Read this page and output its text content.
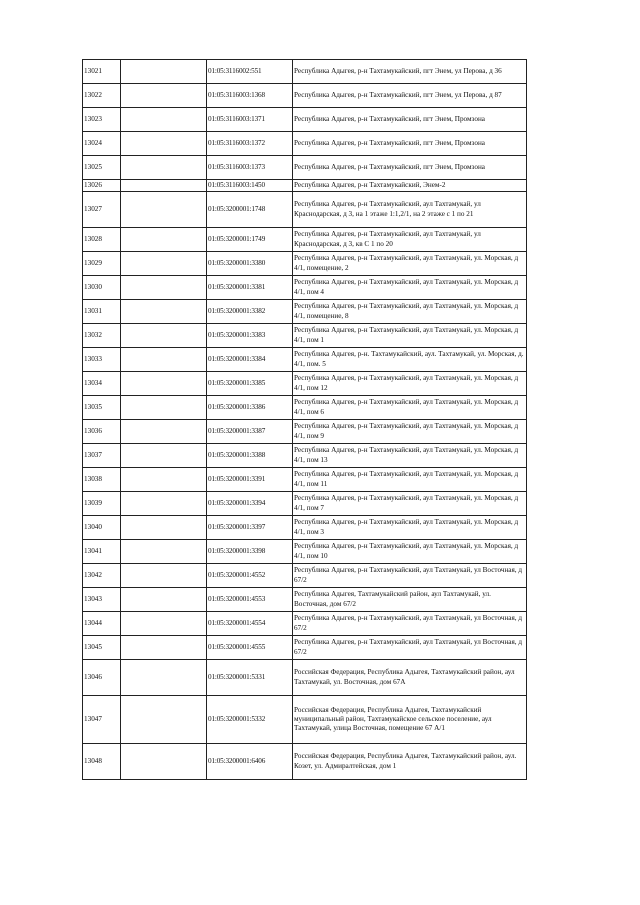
13021		01:05:3116002:551	Республика Адыгея, р-н Тахтамукайский, пгт Энем, ул Перова, д 36
13022		01:05:3116003:1368	Республика Адыгея, р-н Тахтамукайский, пгт Энем, ул Перова, д 87
13023		01:05:3116003:1371	Республика Адыгея, р-н Тахтамукайский, пгт Энем, Промзона
13024		01:05:3116003:1372	Республика Адыгея, р-н Тахтамукайский, пгт Энем, Промзона
13025		01:05:3116003:1373	Республика Адыгея, р-н Тахтамукайский, пгт Энем, Промзона
13026		01:05:3116003:1450	Республика Адыгея, р-н Тахтамукайский, Энем-2
13027		01:05:3200001:1748	Республика Адыгея, р-н Тахтамукайский, аул Тахтамукай, ул Краснодарская, д 3, на 1 этаже 1:1,2/1, на 2 этаже с 1 по 21
13028		01:05:3200001:1749	Республика Адыгея, р-н Тахтамукайский, аул Тахтамукай, ул Краснодарская, д 3, кв С 1 по 20
13029		01:05:3200001:3380	Республика Адыгея, р-н Тахтамукайский, аул Тахтамукай, ул. Морская, д 4/1, помещение, 2
13030		01:05:3200001:3381	Республика Адыгея, р-н Тахтамукайский, аул Тахтамукай, ул. Морская, д 4/1, пом 4
13031		01:05:3200001:3382	Республика Адыгея, р-н Тахтамукайский, аул Тахтамукай, ул. Морская, д 4/1, помещение, 8
13032		01:05:3200001:3383	Республика Адыгея, р-н Тахтамукайский, аул Тахтамукай, ул. Морская, д 4/1, пом 1
13033		01:05:3200001:3384	Республика Адыгея, р-н. Тахтамукайский, аул. Тахтамукай, ул. Морская, д. 4/1, пом. 5
13034		01:05:3200001:3385	Республика Адыгея, р-н Тахтамукайский, аул Тахтамукай, ул. Морская, д 4/1, пом 12
13035		01:05:3200001:3386	Республика Адыгея, р-н Тахтамукайский, аул Тахтамукай, ул. Морская, д 4/1, пом 6
13036		01:05:3200001:3387	Республика Адыгея, р-н Тахтамукайский, аул Тахтамукай, ул. Морская, д 4/1, пом 9
13037		01:05:3200001:3388	Республика Адыгея, р-н Тахтамукайский, аул Тахтамукай, ул. Морская, д 4/1, пом 13
13038		01:05:3200001:3391	Республика Адыгея, р-н Тахтамукайский, аул Тахтамукай, ул. Морская, д 4/1, пом 11
13039		01:05:3200001:3394	Республика Адыгея, р-н Тахтамукайский, аул Тахтамукай, ул. Морская, д 4/1, пом 7
13040		01:05:3200001:3397	Республика Адыгея, р-н Тахтамукайский, аул Тахтамукай, ул. Морская, д 4/1, пом 3
13041		01:05:3200001:3398	Республика Адыгея, р-н Тахтамукайский, аул Тахтамукай, ул. Морская, д 4/1, пом 10
13042		01:05:3200001:4552	Республика Адыгея, р-н Тахтамукайский, аул Тахтамукай, ул Восточная, д 67/2
13043		01:05:3200001:4553	Республика Адыгея, Тахтамукайский район, аул Тахтамукай, ул. Восточная, дом 67/2
13044		01:05:3200001:4554	Республика Адыгея, р-н Тахтамукайский, аул Тахтамукай, ул Восточная, д 67/2
13045		01:05:3200001:4555	Республика Адыгея, р-н Тахтамукайский, аул Тахтамукай, ул Восточная, д 67/2
13046		01:05:3200001:5331	Российская Федерация, Республика Адыгея, Тахтамукайский район, аул Тахтамукай, ул. Восточная, дом 67А
13047		01:05:3200001:5332	Российская Федерация, Республика Адыгея, Тахтамукайский муниципальный район, Тахтамукайское сельское поселение, аул Тахтамукай, улица Восточная, помещение 67 А/1
13048		01:05:3200001:6406	Российская Федерация, Республика Адыгея, Тахтамукайский район, аул. Козет, ул. Адмиралтейская, дом 1
